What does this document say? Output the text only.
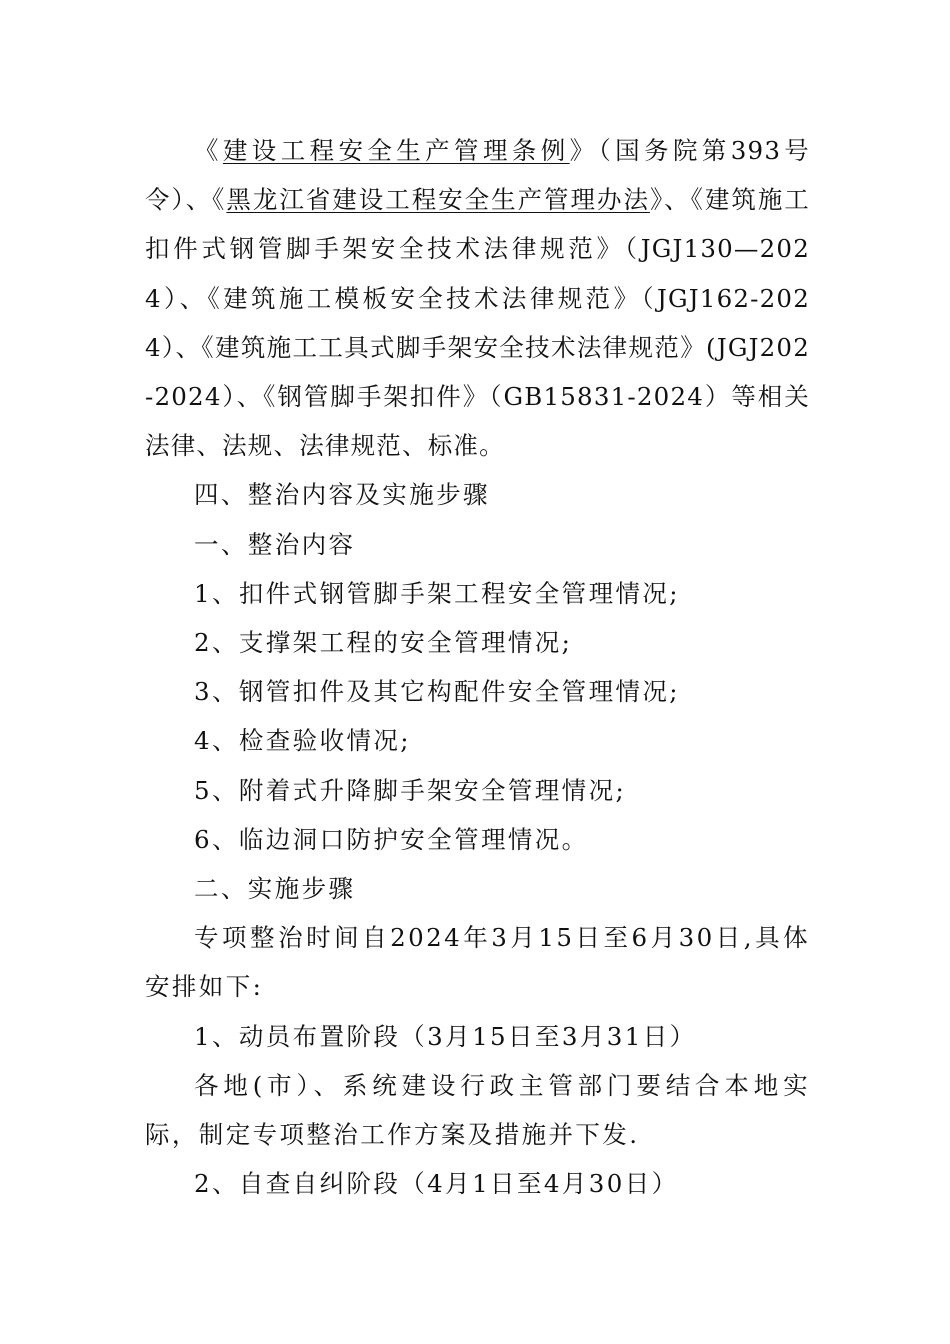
《建设工程安全生产管理条例》（国务院第393号令）、《黑龙江省建设工程安全生产管理办法》、《建筑施工扣件式钢管脚手架安全技术法律规范》（JGJ130—2024）、《建筑施工模板安全技术法律规范》（JGJ162-2024）、《建筑施工工具式脚手架安全技术法律规范》(JGJ202-2024）、《钢管脚手架扣件》（GB15831-2024）等相关法律、法规、法律规范、标准。

四、整治内容及实施步骤

一、整治内容

1、扣件式钢管脚手架工程安全管理情况;

2、支撑架工程的安全管理情况;

3、钢管扣件及其它构配件安全管理情况;

4、检查验收情况;

5、附着式升降脚手架安全管理情况;

6、临边洞口防护安全管理情况。

二、实施步骤

专项整治时间自2024年3月15日至6月30日,具体安排如下:

1、动员布置阶段（3月15日至3月31日）

各地(市）、系统建设行政主管部门要结合本地实际，制定专项整治工作方案及措施并下发.

2、自查自纠阶段（4月1日至4月30日）
